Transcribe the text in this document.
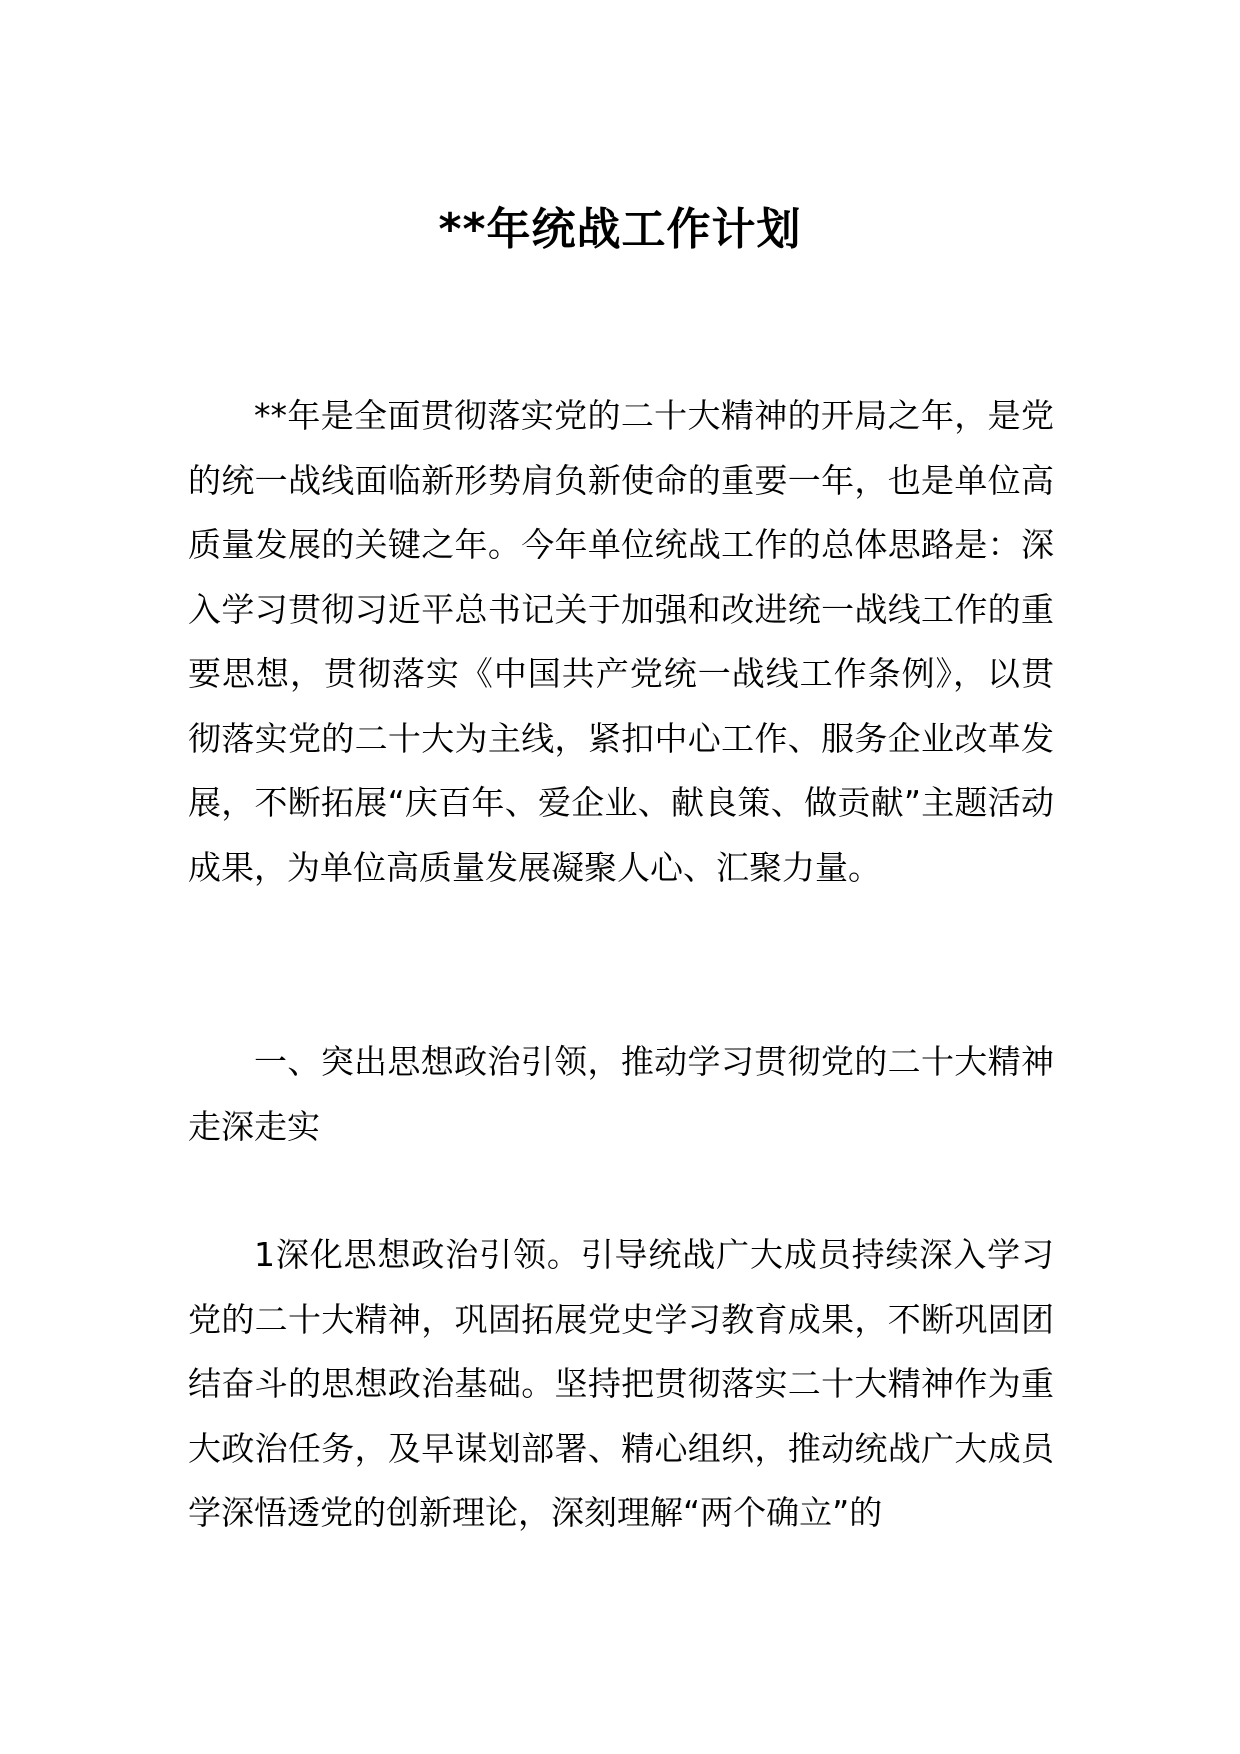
**年统战工作计划

**年是全面贯彻落实党的二十大精神的开局之年，是党的统一战线面临新形势肩负新使命的重要一年，也是单位高质量发展的关键之年。今年单位统战工作的总体思路是：深入学习贯彻习近平总书记关于加强和改进统一战线工作的重要思想，贯彻落实《中国共产党统一战线工作条例》，以贯彻落实党的二十大为主线，紧扣中心工作、服务企业改革发展，不断拓展“庆百年、爱企业、献良策、做贡献”主题活动成果，为单位高质量发展凝聚人心、汇聚力量。

一、突出思想政治引领，推动学习贯彻党的二十大精神走深走实

1深化思想政治引领。引导统战广大成员持续深入学习党的二十大精神，巩固拓展党史学习教育成果，不断巩固团结奋斗的思想政治基础。坚持把贯彻落实二十大精神作为重大政治任务，及早谋划部署、精心组织，推动统战广大成员学深悟透党的创新理论，深刻理解“两个确立”的
